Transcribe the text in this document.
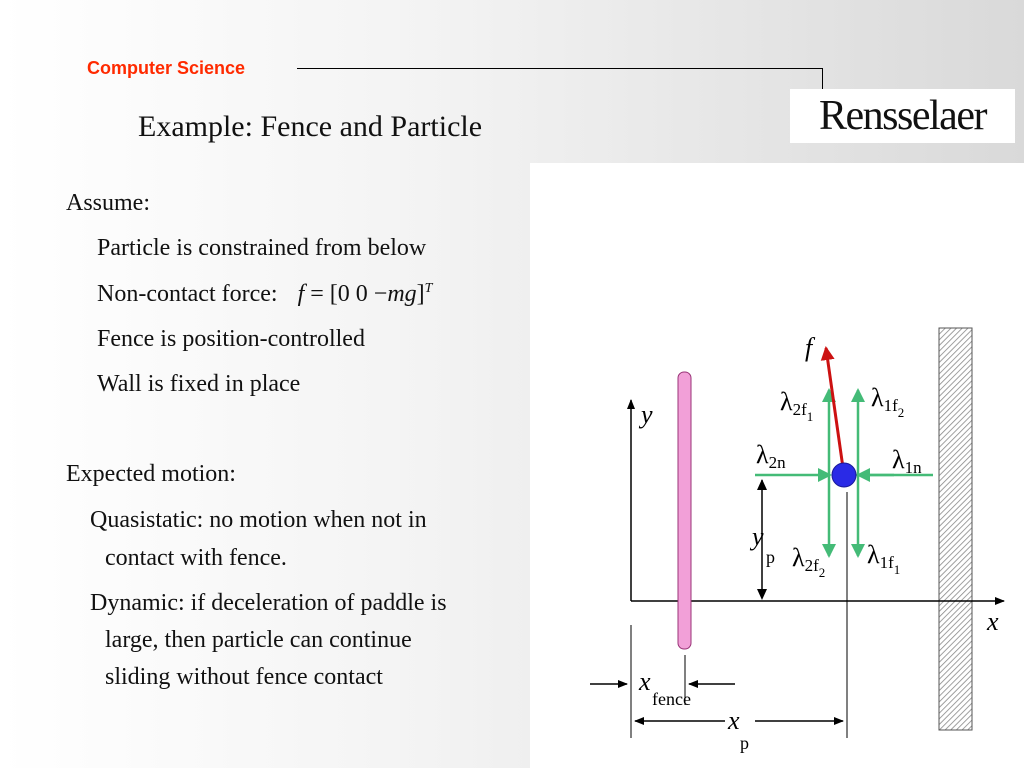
Computer Science
Rensselaer
Example: Fence and Particle
Assume:
Particle is constrained from below
Non-contact force: f = [0 0 −mg]$^T$
Fence is position-controlled
Wall is fixed in place
Expected motion:
Quasistatic: no motion when not in
contact with fence.
Dynamic: if deceleration of paddle is
large, then particle can continue
sliding without fence contact
f
y
x
$\lambda 2f_1$
$\lambda 1f_2$
λ2n	λ1n
$\lambda 2f_2$
$\lambda 1f_1$
yp
xfence
xp
